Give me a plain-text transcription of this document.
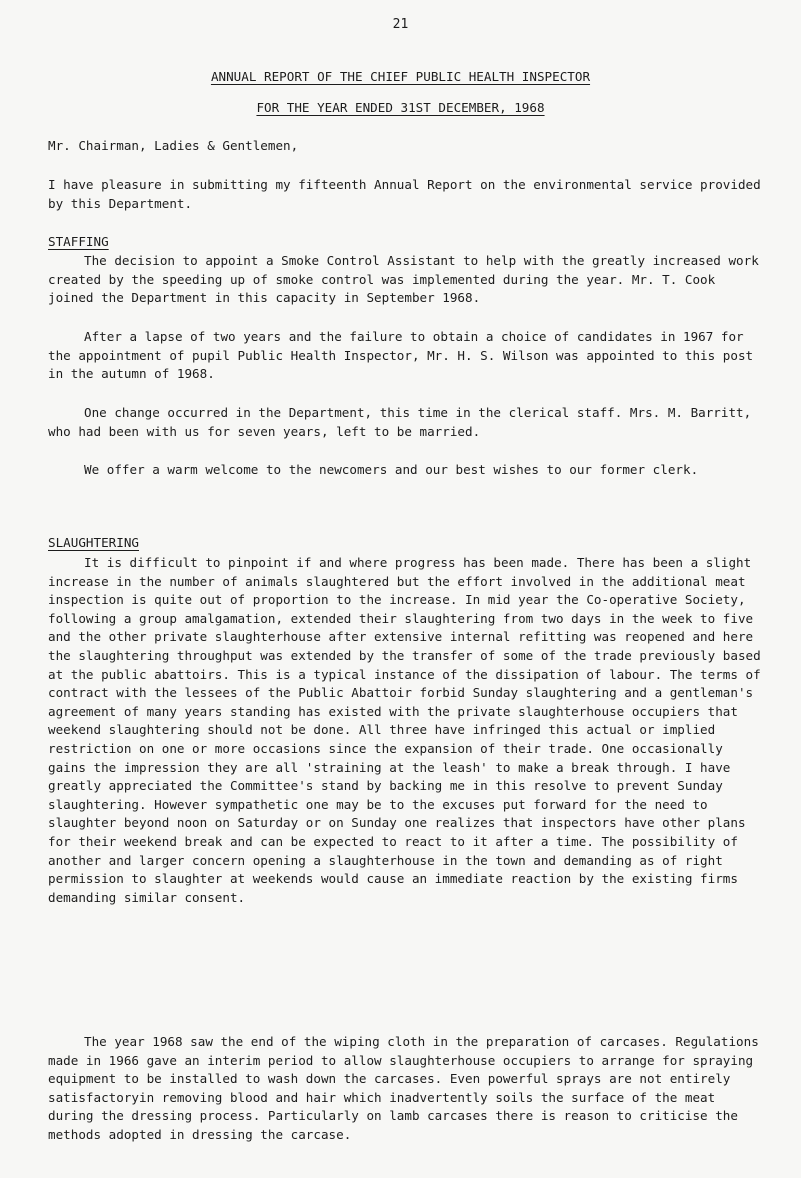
21
ANNUAL REPORT OF THE CHIEF PUBLIC HEALTH INSPECTOR
FOR THE YEAR ENDED 31ST DECEMBER, 1968

Mr. Chairman, Ladies & Gentlemen,

I have pleasure in submitting my fifteenth Annual Report on the environmental service provided by this Department.

STAFFING

The decision to appoint a Smoke Control Assistant to help with the greatly increased work created by the speeding up of smoke control was implemented during the year. Mr. T. Cook joined the Department in this capacity in September 1968.

After a lapse of two years and the failure to obtain a choice of candidates in 1967 for the appointment of pupil Public Health Inspector, Mr. H. S. Wilson was appointed to this post in the autumn of 1968.

One change occurred in the Department, this time in the clerical staff. Mrs. M. Barritt, who had been with us for seven years, left to be married.

We offer a warm welcome to the newcomers and our best wishes to our former clerk.

SLAUGHTERING

It is difficult to pinpoint if and where progress has been made. There has been a slight increase in the number of animals slaughtered but the effort involved in the additional meat inspection is quite out of proportion to the increase. In mid year the Co-operative Society, following a group amalgamation, extended their slaughtering from two days in the week to five and the other private slaughterhouse after extensive internal refitting was reopened and here the slaughtering throughput was extended by the transfer of some of the trade previously based at the public abattoirs. This is a typical instance of the dissipation of labour. The terms of contract with the lessees of the Public Abattoir forbid Sunday slaughtering and a gentleman's agreement of many years standing has existed with the private slaughterhouse occupiers that weekend slaughtering should not be done. All three have infringed this actual or implied restriction on one or more occasions since the expansion of their trade. One occasionally gains the impression they are all 'straining at the leash' to make a break through. I have greatly appreciated the Committee's stand by backing me in this resolve to prevent Sunday slaughtering. However sympathetic one may be to the excuses put forward for the need to slaughter beyond noon on Saturday or on Sunday one realizes that inspectors have other plans for their weekend break and can be expected to react to it after a time. The possibility of another and larger concern opening a slaughterhouse in the town and demanding as of right permission to slaughter at weekends would cause an immediate reaction by the existing firms demanding similar consent.

The year 1968 saw the end of the wiping cloth in the preparation of carcases. Regulations made in 1966 gave an interim period to allow slaughterhouse occupiers to arrange for spraying equipment to be installed to wash down the carcases. Even powerful sprays are not entirely satisfactoryin removing blood and hair which inadvertently soils the surface of the meat during the dressing process. Particularly on lamb carcases there is reason to criticise the methods adopted in dressing the carcase.
